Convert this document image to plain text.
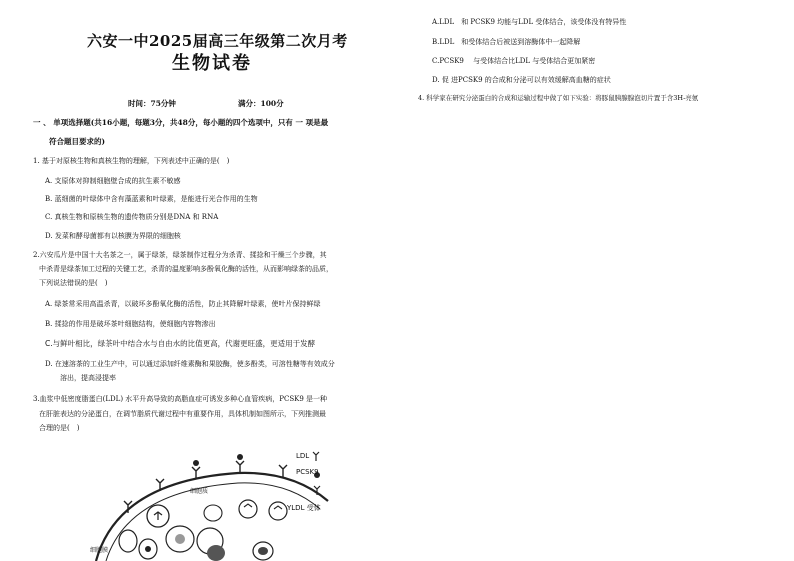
六安一中2025届高三年级第二次月考
生物试卷
时间：75分钟	满分：100分
一 、 单项选择题(共16小题，每题3分，共48分，每小题的四个选项中，只有 一 项是最
符合题目要求的)
1. 基于对原核生物和真核生物的理解，下列表述中正确的是(　)
A. 支原体对抑制细胞壁合成的抗生素不敏感
B. 蓝细菌的叶绿体中含有藻蓝素和叶绿素，是能进行光合作用的生物
C. 真核生物和原核生物的遗传物质分别是DNA 和 RNA
D. 发菜和酵母菌都有以核膜为界限的细胞核
2.六安瓜片是中国十大名茶之一，属于绿茶，绿茶制作过程分为杀青、揉捻和干燥三个步骤，其
中杀青是绿茶加工过程的关键工艺，杀青的温度影响多酚氧化酶的活性，从而影响绿茶的品质，
下列说法错误的是(　)
A. 绿茶常采用高温杀青，以破坏多酚氧化酶的活性，防止其降解叶绿素，使叶片保持鲜绿
B. 揉捻的作用是破坏茶叶细胞结构，使细胞内容物渗出
C.与鲜叶相比，绿茶叶中结合水与自由水的比值更高，代谢更旺盛，更适用于发酵
D. 在速溶茶的工业生产中，可以通过添加纤维素酶和果胶酶，使多酚类，可溶性糖等有效成分
溶出，提高浸提率
3.血浆中低密度脂蛋白(LDL) 水平升高导致的高脂血症可诱发多种心血管疾病，PCSK9 是一种
在肝脏表达的分泌蛋白，在调节脂质代谢过程中有重要作用，具体机制如图所示，下列推测最
合理的是(　)
LDL
PCSK9
YLDL 受体
细胞质
细胞膜
A.LDL　和 PCSK9 均能与LDL 受体结合，该受体没有特异性
B.LDL　和受体结合后被送到溶酶体中一起降解
C.PCSK9　 与受体结合比LDL 与受体结合更加紧密
D. 促 进PCSK9 的合成和分泌可以有效缓解高血糖的症状
4. 科学家在研究分泌蛋白的合成和运输过程中做了如下实验：将豚鼠胰腺腺泡切片置于含3H-亮氨
